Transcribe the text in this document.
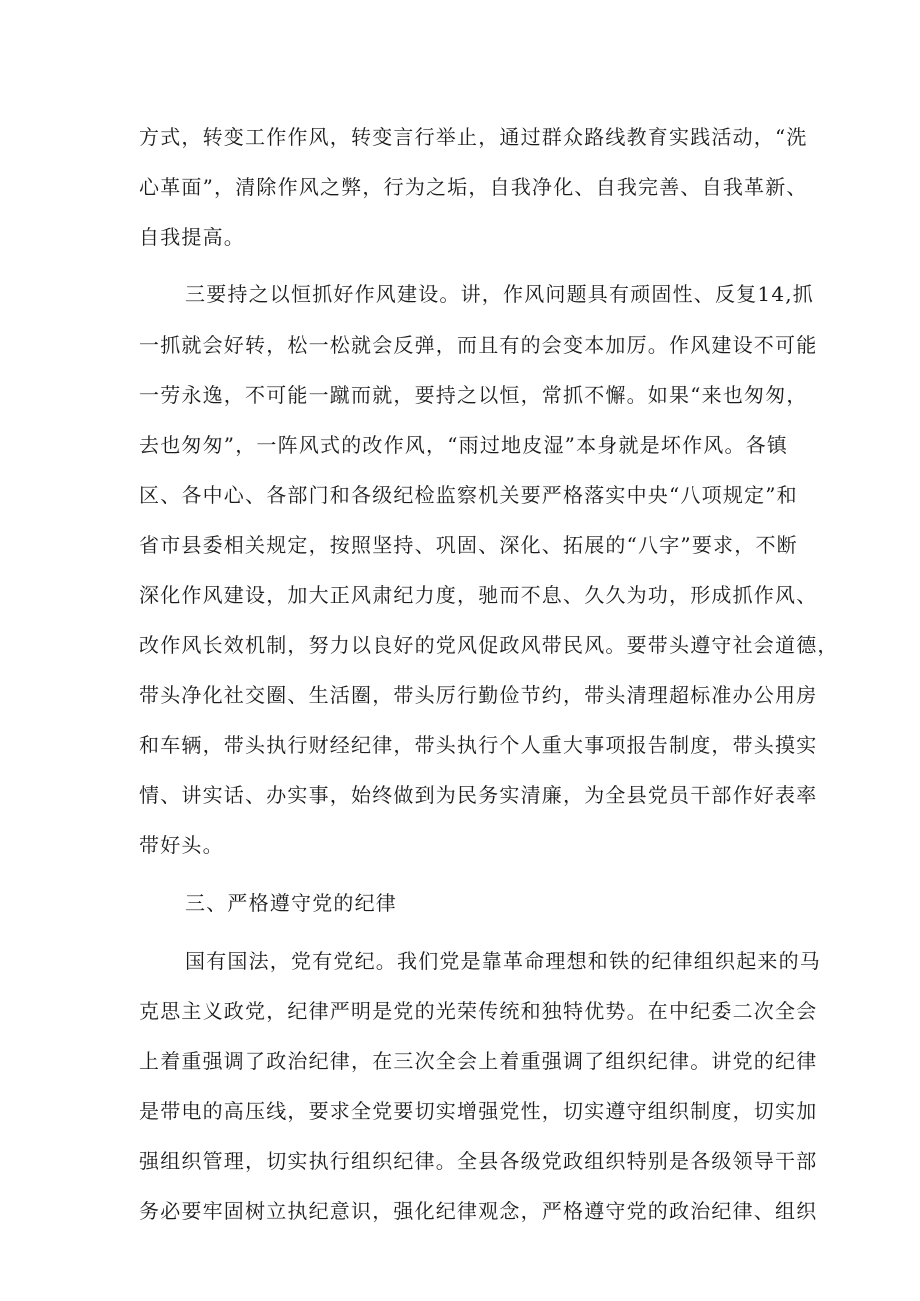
方式，转变工作作风，转变言行举止，通过群众路线教育实践活动，“洗
心革面”，清除作风之弊，行为之垢，自我净化、自我完善、自我革新、
自我提高。
三要持之以恒抓好作风建设。讲，作风问题具有顽固性、反复14,抓
一抓就会好转，松一松就会反弹，而且有的会变本加厉。作风建设不可能
一劳永逸，不可能一蹴而就，要持之以恒，常抓不懈。如果“来也匆匆，
去也匆匆”，一阵风式的改作风，“雨过地皮湿”本身就是坏作风。各镇
区、各中心、各部门和各级纪检监察机关要严格落实中央“八项规定”和
省市县委相关规定，按照坚持、巩固、深化、拓展的“八字”要求，不断
深化作风建设，加大正风肃纪力度，驰而不息、久久为功，形成抓作风、
改作风长效机制，努力以良好的党风促政风带民风。要带头遵守社会道德，
带头净化社交圈、生活圈，带头厉行勤俭节约，带头清理超标准办公用房
和车辆，带头执行财经纪律，带头执行个人重大事项报告制度，带头摸实
情、讲实话、办实事，始终做到为民务实清廉，为全县党员干部作好表率
带好头。
三、严格遵守党的纪律
国有国法，党有党纪。我们党是靠革命理想和铁的纪律组织起来的马
克思主义政党，纪律严明是党的光荣传统和独特优势。在中纪委二次全会
上着重强调了政治纪律，在三次全会上着重强调了组织纪律。讲党的纪律
是带电的高压线，要求全党要切实增强党性，切实遵守组织制度，切实加
强组织管理，切实执行组织纪律。全县各级党政组织特别是各级领导干部
务必要牢固树立执纪意识，强化纪律观念，严格遵守党的政治纪律、组织
